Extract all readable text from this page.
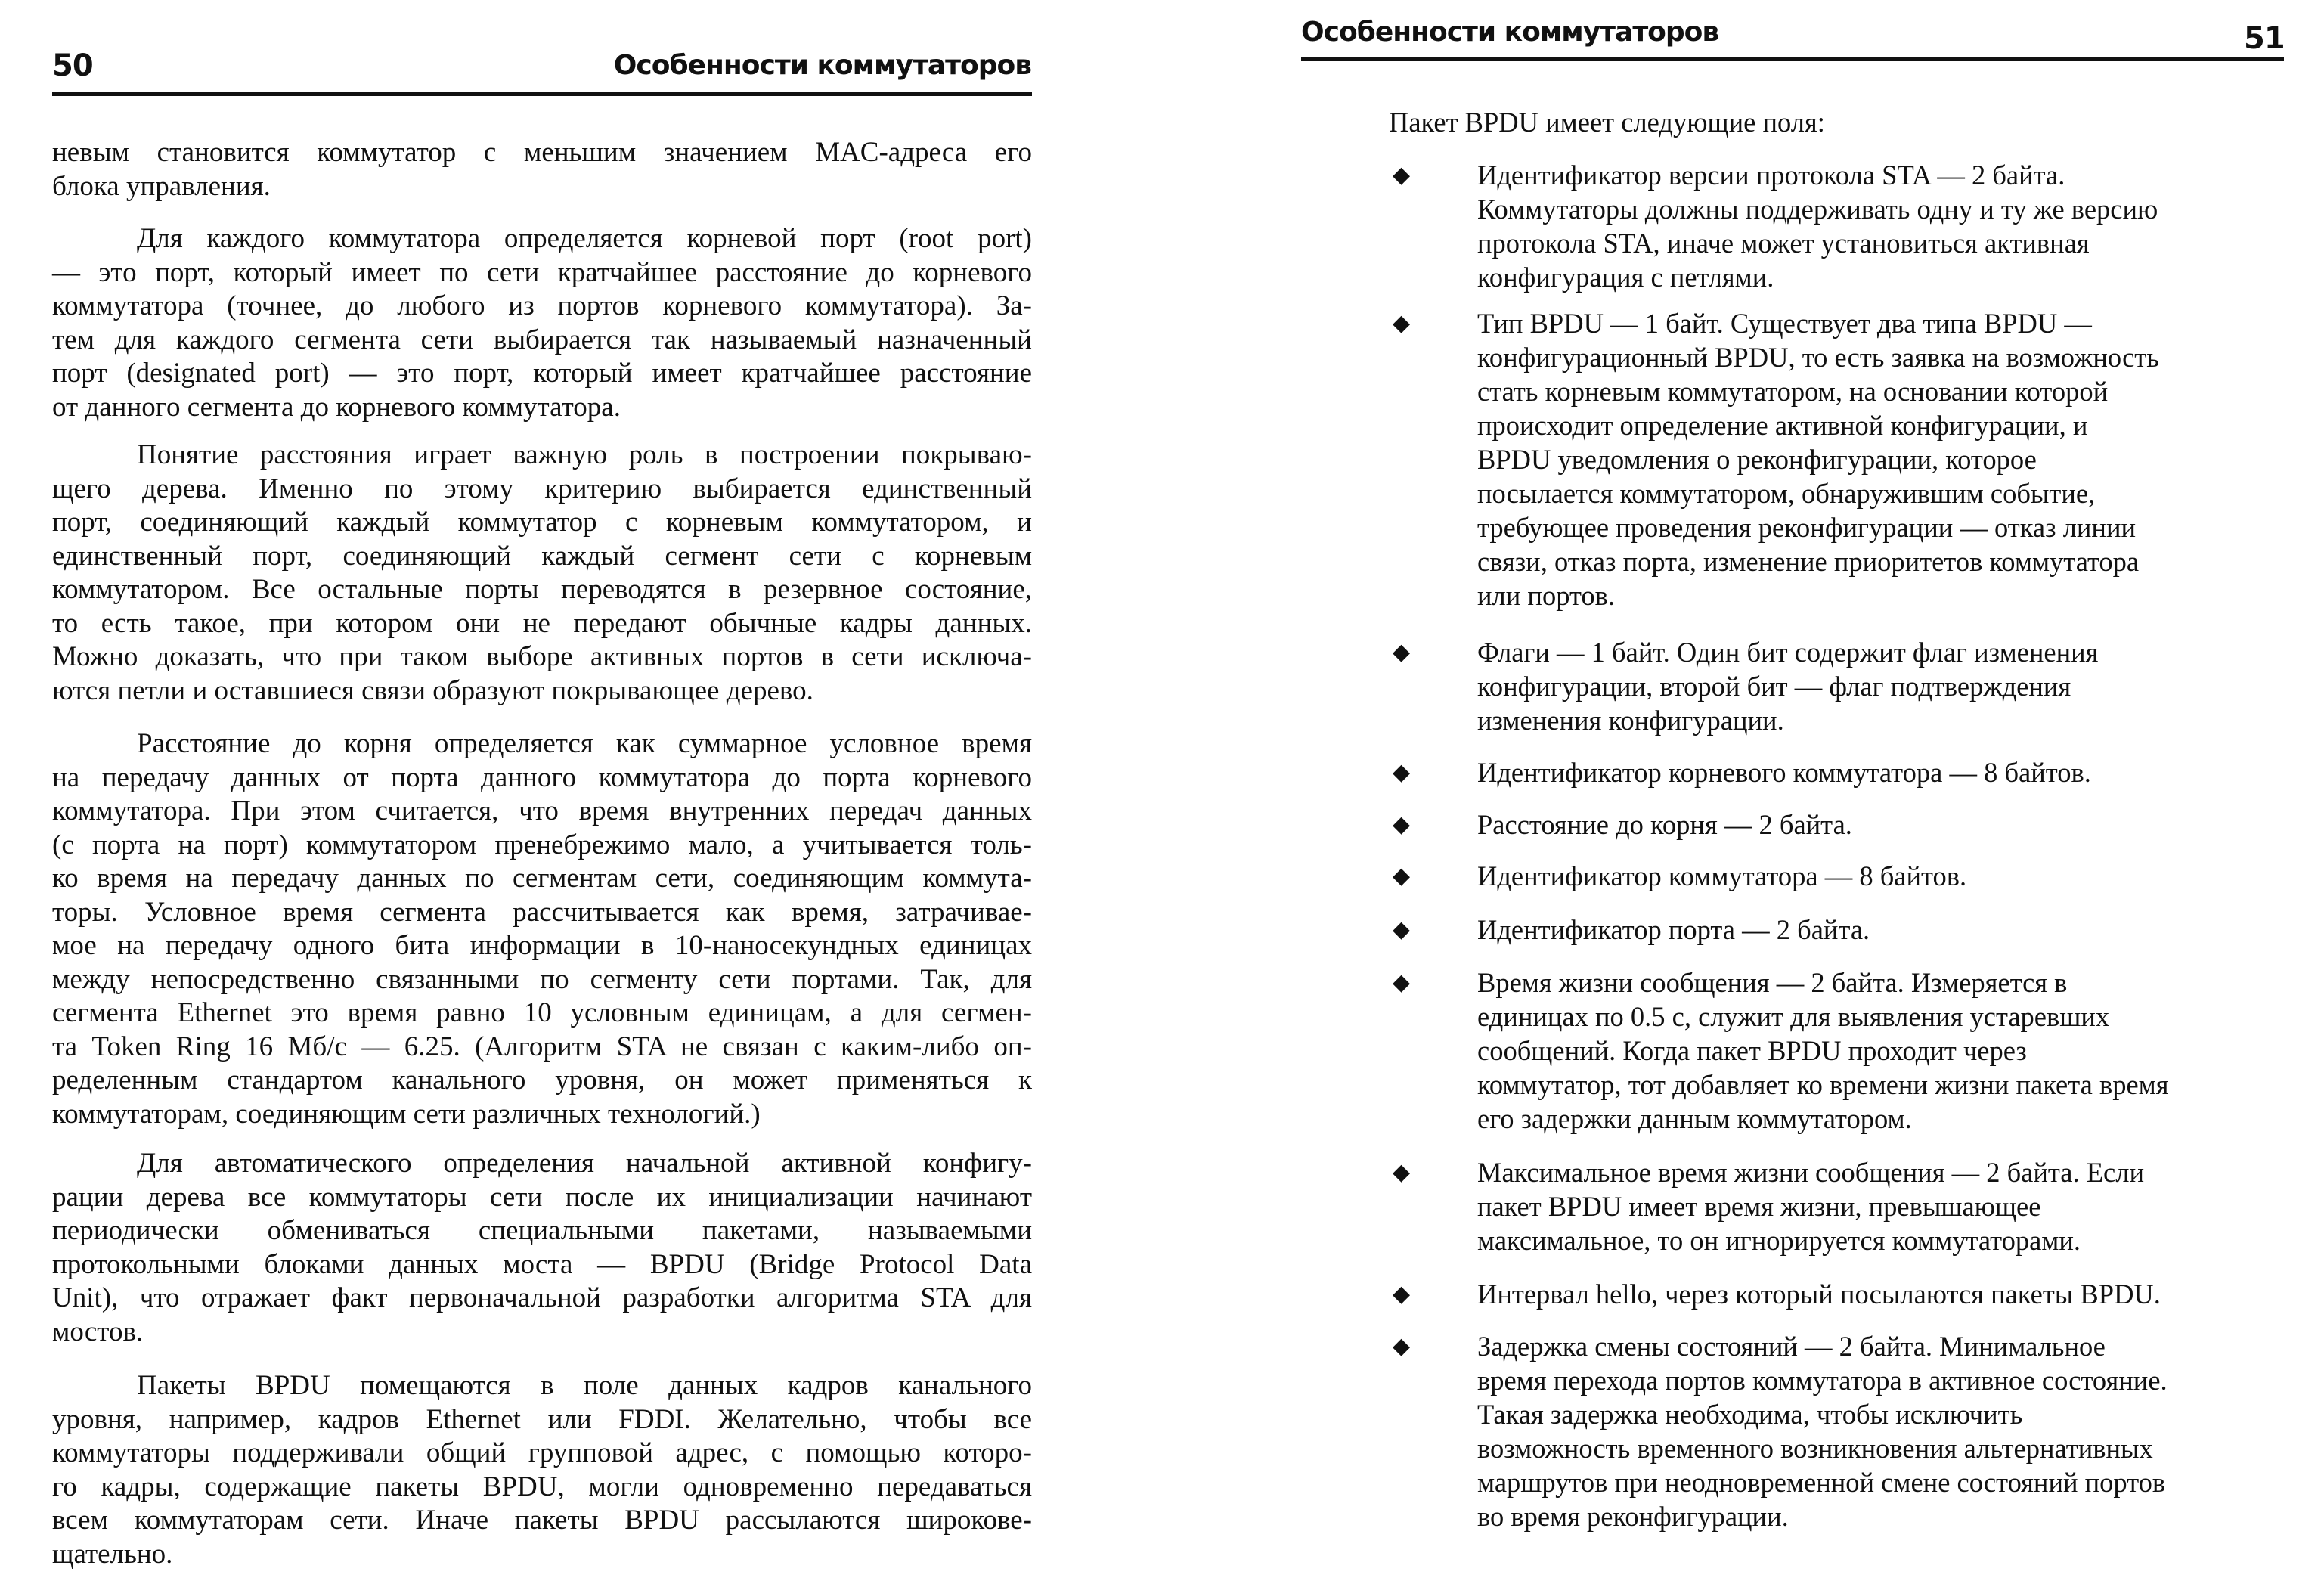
50	Особенности коммутаторов
невым становится коммутатор с меньшим значением MAC-адреса его
блока управления.
Для каждого коммутатора определяется корневой порт (root port)
— это порт, который имеет по сети кратчайшее расстояние до корневого
коммутатора (точнее, до любого из портов корневого коммутатора). За-
тем для каждого сегмента сети выбирается так называемый назначенный
порт (designated port) — это порт, который имеет кратчайшее расстояние
от данного сегмента до корневого коммутатора.
Понятие расстояния играет важную роль в построении покрываю-
щего дерева. Именно по этому критерию выбирается единственный
порт, соединяющий каждый коммутатор с корневым коммутатором, и
единственный порт, соединяющий каждый сегмент сети с корневым
коммутатором. Все остальные порты переводятся в резервное состояние,
то есть такое, при котором они не передают обычные кадры данных.
Можно доказать, что при таком выборе активных портов в сети исключа-
ются петли и оставшиеся связи образуют покрывающее дерево.
Расстояние до корня определяется как суммарное условное время
на передачу данных от порта данного коммутатора до порта корневого
коммутатора. При этом считается, что время внутренних передач данных
(с порта на порт) коммутатором пренебрежимо мало, а учитывается толь-
ко время на передачу данных по сегментам сети, соединяющим коммута-
торы. Условное время сегмента рассчитывается как время, затрачивае-
мое на передачу одного бита информации в 10-наносекундных единицах
между непосредственно связанными по сегменту сети портами. Так, для
сегмента Ethernet это время равно 10 условным единицам, а для сегмен-
та Token Ring 16 Мб/с — 6.25. (Алгоритм STA не связан с каким-либо оп-
ределенным стандартом канального уровня, он может применяться к
коммутаторам, соединяющим сети различных технологий.)
Для автоматического определения начальной активной конфигу-
рации дерева все коммутаторы сети после их инициализации начинают
периодически обмениваться специальными пакетами, называемыми
протокольными блоками данных моста — BPDU (Bridge Protocol Data
Unit), что отражает факт первоначальной разработки алгоритма STA для
мостов.
Пакеты BPDU помещаются в поле данных кадров канального
уровня, например, кадров Ethernet или FDDI. Желательно, чтобы все
коммутаторы поддерживали общий групповой адрес, с помощью которо-
го кадры, содержащие пакеты BPDU, могли одновременно передаваться
всем коммутаторам сети. Иначе пакеты BPDU рассылаются широкове-
щательно.
Особенности коммутаторов	51
Пакет BPDU имеет следующие поля:
◆ Идентификатор версии протокола STA — 2 байта.
Коммутаторы должны поддерживать одну и ту же версию
протокола STA, иначе может установиться активная
конфигурация с петлями.
◆ Тип BPDU — 1 байт. Существует два типа BPDU —
конфигурационный BPDU, то есть заявка на возможность
стать корневым коммутатором, на основании которой
происходит определение активной конфигурации, и
BPDU уведомления о реконфигурации, которое
посылается коммутатором, обнаружившим событие,
требующее проведения реконфигурации — отказ линии
связи, отказ порта, изменение приоритетов коммутатора
или портов.
◆ Флаги — 1 байт. Один бит содержит флаг изменения
конфигурации, второй бит — флаг подтверждения
изменения конфигурации.
◆ Идентификатор корневого коммутатора — 8 байтов.
◆ Расстояние до корня — 2 байта.
◆ Идентификатор коммутатора — 8 байтов.
◆ Идентификатор порта — 2 байта.
◆ Время жизни сообщения — 2 байта. Измеряется в
единицах по 0.5 с, служит для выявления устаревших
сообщений. Когда пакет BPDU проходит через
коммутатор, тот добавляет ко времени жизни пакета время
его задержки данным коммутатором.
◆ Максимальное время жизни сообщения — 2 байта. Если
пакет BPDU имеет время жизни, превышающее
максимальное, то он игнорируется коммутаторами.
◆ Интервал hello, через который посылаются пакеты BPDU.
◆ Задержка смены состояний — 2 байта. Минимальное
время перехода портов коммутатора в активное состояние.
Такая задержка необходима, чтобы исключить
возможность временного возникновения альтернативных
маршрутов при неодновременной смене состояний портов
во время реконфигурации.
